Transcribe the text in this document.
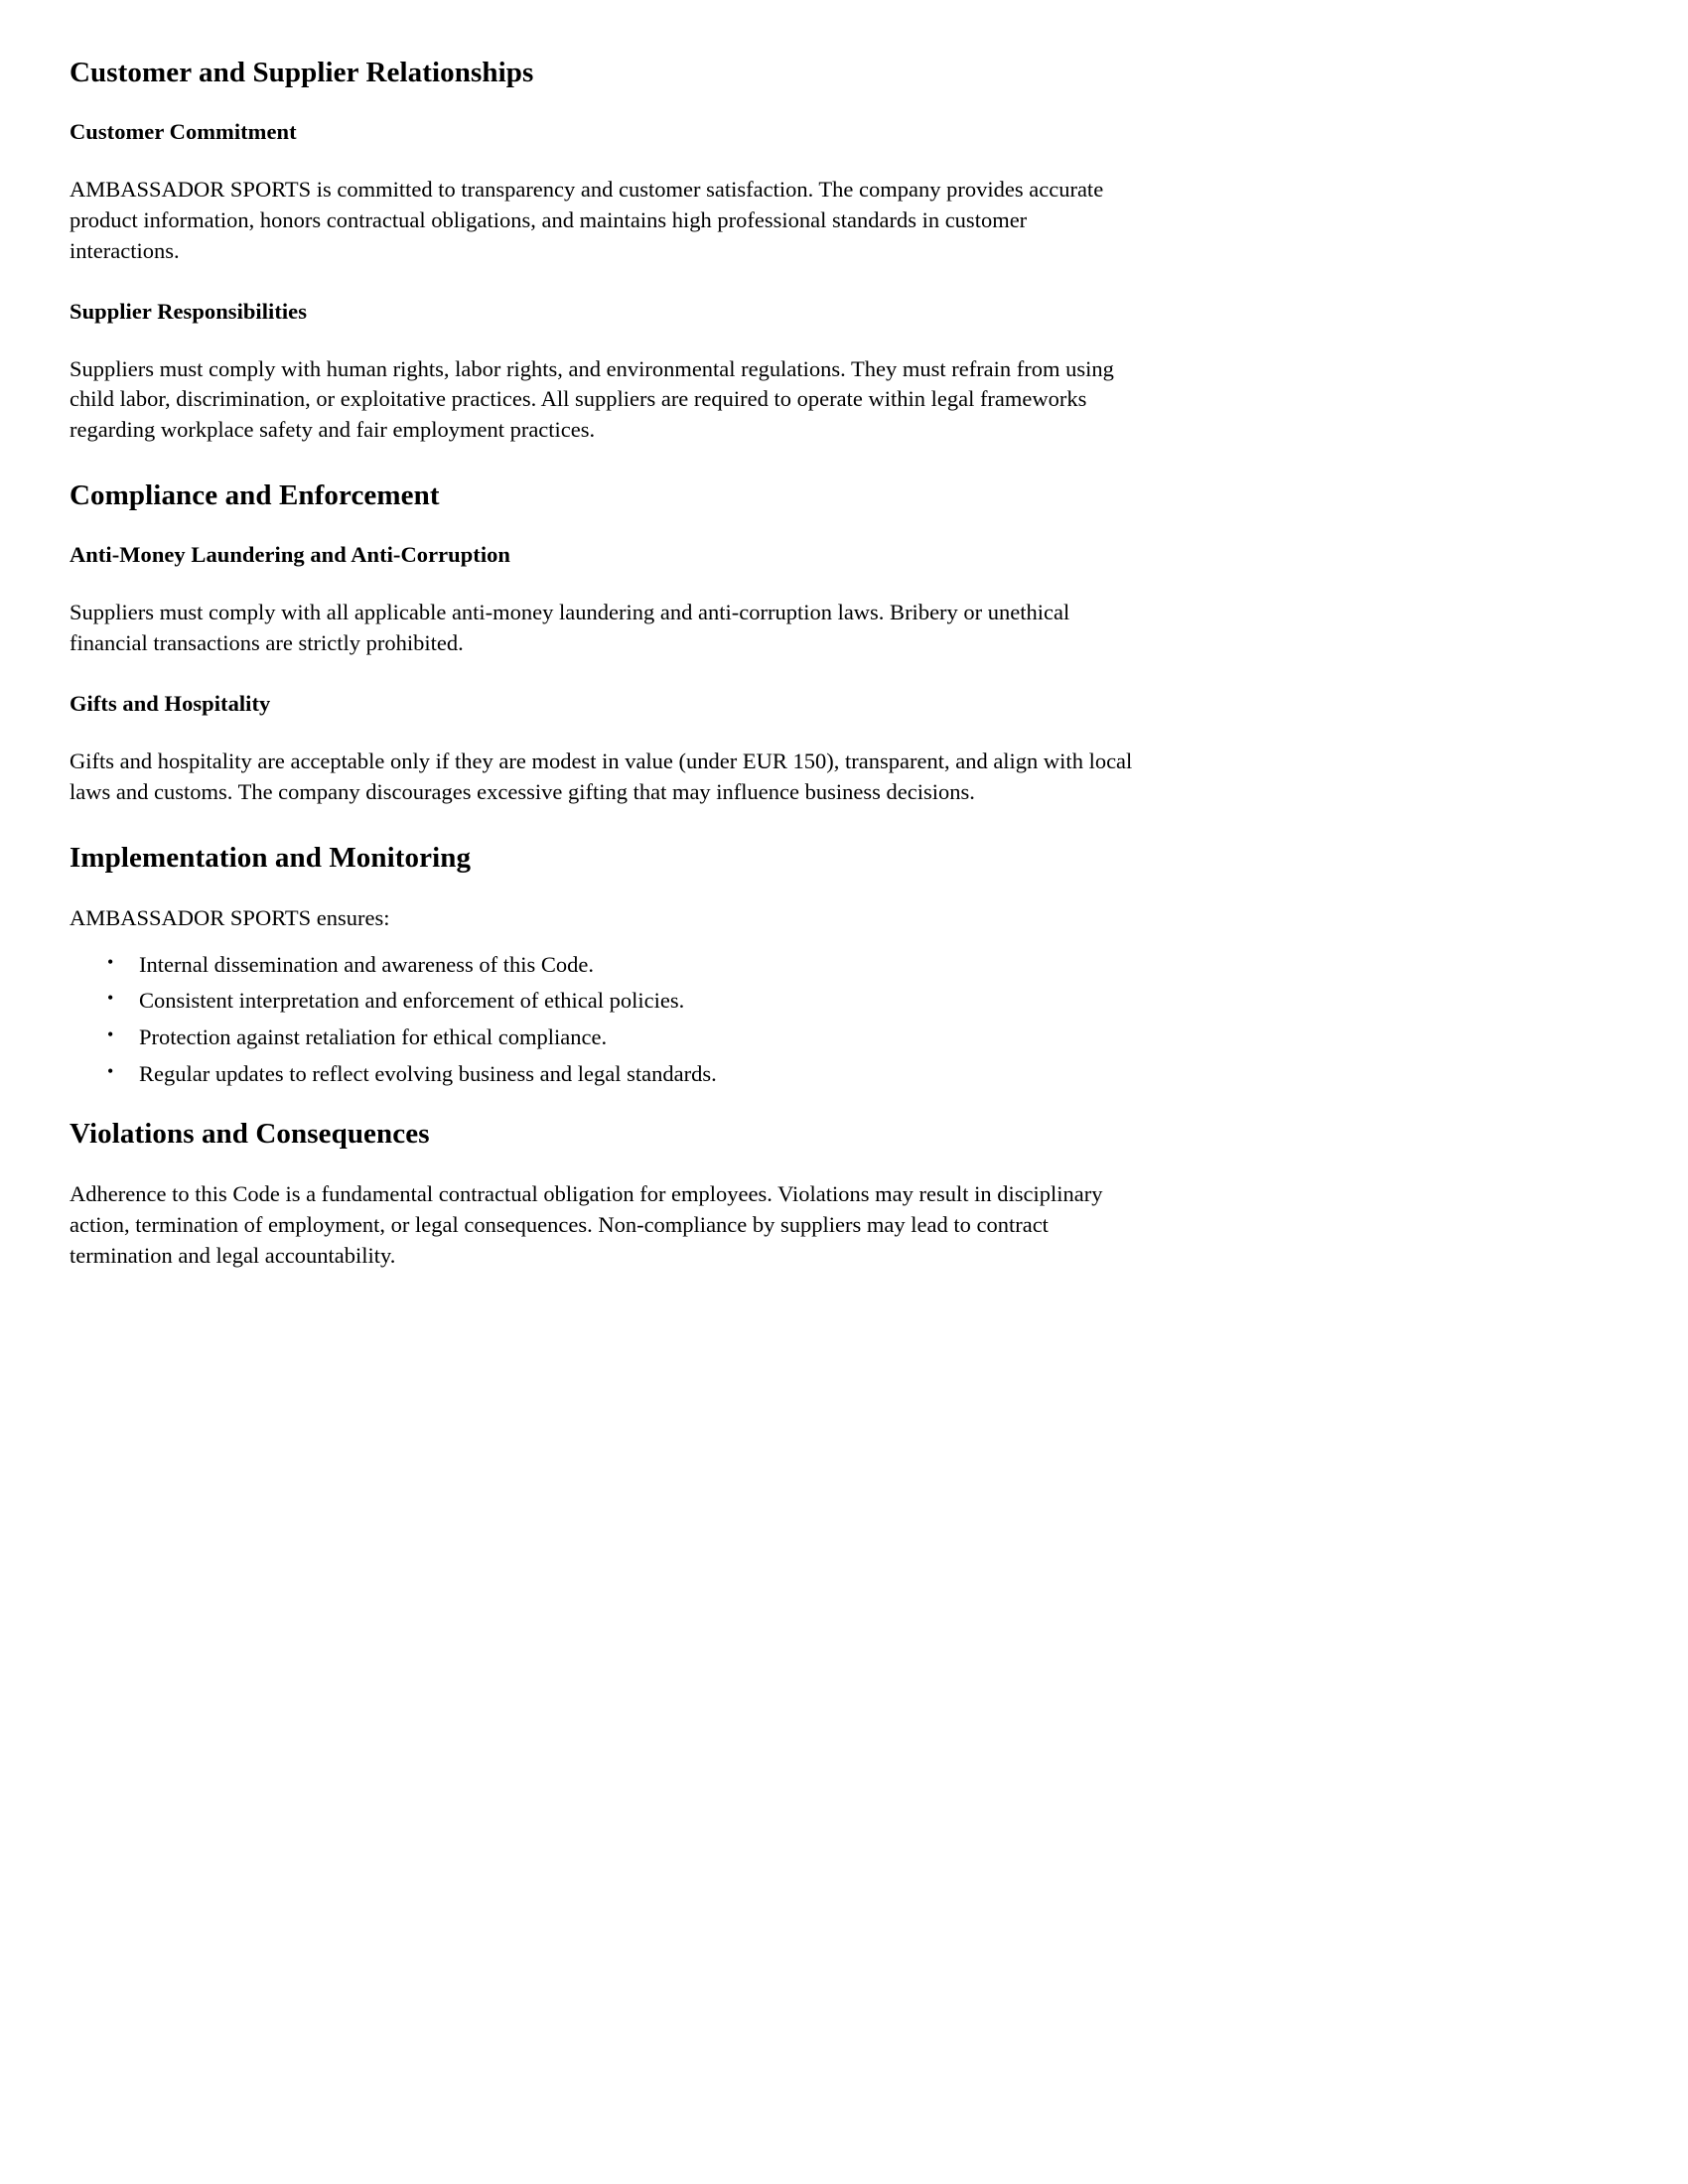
Customer and Supplier Relationships
Customer Commitment

AMBASSADOR SPORTS is committed to transparency and customer satisfaction. The company provides accurate product information, honors contractual obligations, and maintains high professional standards in customer interactions.

Supplier Responsibilities

Suppliers must comply with human rights, labor rights, and environmental regulations. They must refrain from using child labor, discrimination, or exploitative practices. All suppliers are required to operate within legal frameworks regarding workplace safety and fair employment practices.

Compliance and Enforcement
Anti-Money Laundering and Anti-Corruption

Suppliers must comply with all applicable anti-money laundering and anti-corruption laws. Bribery or unethical financial transactions are strictly prohibited.

Gifts and Hospitality

Gifts and hospitality are acceptable only if they are modest in value (under EUR 150), transparent, and align with local laws and customs. The company discourages excessive gifting that may influence business decisions.

Implementation and Monitoring

AMBASSADOR SPORTS ensures:

• Internal dissemination and awareness of this Code.
• Consistent interpretation and enforcement of ethical policies.
• Protection against retaliation for ethical compliance.
• Regular updates to reflect evolving business and legal standards.
Violations and Consequences

Adherence to this Code is a fundamental contractual obligation for employees. Violations may result in disciplinary action, termination of employment, or legal consequences. Non-compliance by suppliers may lead to contract termination and legal accountability.
